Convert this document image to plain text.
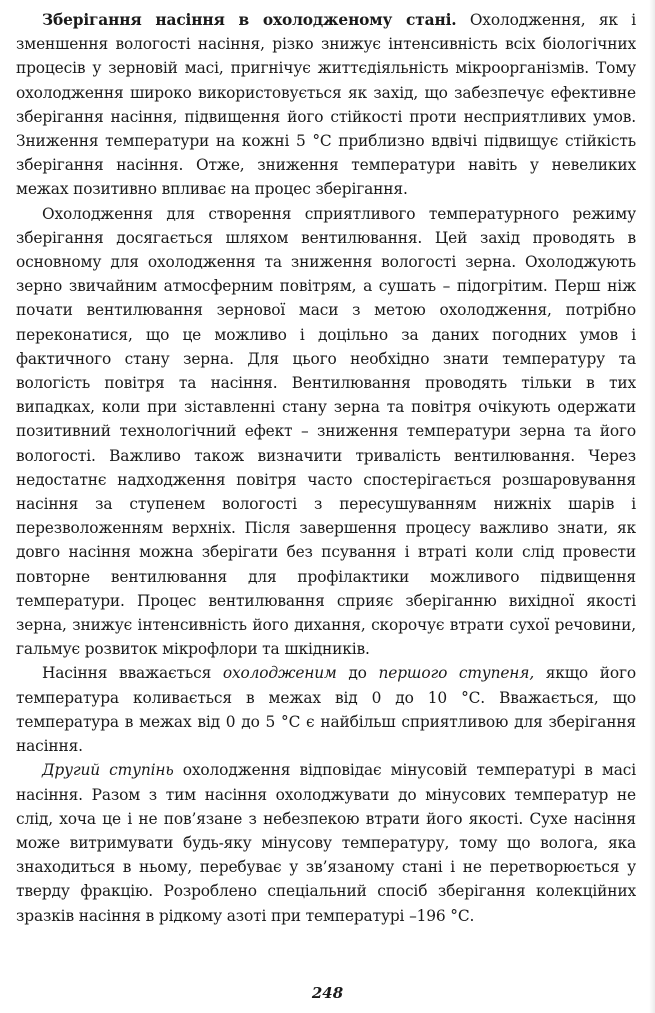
Зберігання насіння в охолодженому стані. Охолодження, як і зменшення вологості насіння, різко знижує інтенсивність всіх біологічних процесів у зерновій масі, пригнічує життєдіяльність мікроорганізмів. Тому охолодження широко використовується як захід, що забезпечує ефективне зберігання насіння, підвищення його стійкості проти несприятливих умов. Зниження температури на кожні 5 °С приблизно вдвічі підвищує стійкість зберігання насіння. Отже, зниження температури навіть у невеликих межах позитивно впливає на процес зберігання.

Охолодження для створення сприятливого температурного режиму зберігання досягається шляхом вентилювання. Цей захід проводять в основному для охолодження та зниження вологості зерна. Охолоджують зерно звичайним атмосферним повітрям, а сушать – підогрітим. Перш ніж почати вентилювання зернової маси з метою охолодження, потрібно переконатися, що це можливо і доцільно за даних погодних умов і фактичного стану зерна. Для цього необхідно знати температуру та вологість повітря та насіння. Вентилювання проводять тільки в тих випадках, коли при зіставленні стану зерна та повітря очікують одержати позитивний технологічний ефект – зниження температури зерна та його вологості. Важливо також визначити тривалість вентилювання. Через недостатнє надходження повітря часто спостерігається розшаровування насіння за ступенем вологості з пересушуванням нижніх шарів і перезволоженням верхніх. Після завершення процесу важливо знати, як довго насіння можна зберігати без псування і втраті коли слід провести повторне вентилювання для профілактики можливого підвищення температури. Процес вентилювання сприяє зберіганню вихідної якості зерна, знижує інтенсивність його дихання, скорочує втрати сухої речовини, гальмує розвиток мікрофлори та шкідників.

Насіння вважається охолодженим до першого ступеня, якщо його температура коливається в межах від 0 до 10 °С. Вважається, що температура в межах від 0 до 5 °С є найбільш сприятливою для зберігання насіння.

Другий ступінь охолодження відповідає мінусовій температурі в масі насіння. Разом з тим насіння охолоджувати до мінусових температур не слід, хоча це і не пов’язане з небезпекою втрати його якості. Сухе насіння може витримувати будь-яку мінусову температуру, тому що волога, яка знаходиться в ньому, перебуває у зв’язаному стані і не перетворюється у тверду фракцію. Розроблено спеціальний спосіб зберігання колекційних зразків насіння в рідкому азоті при температурі –196 °С.

248
